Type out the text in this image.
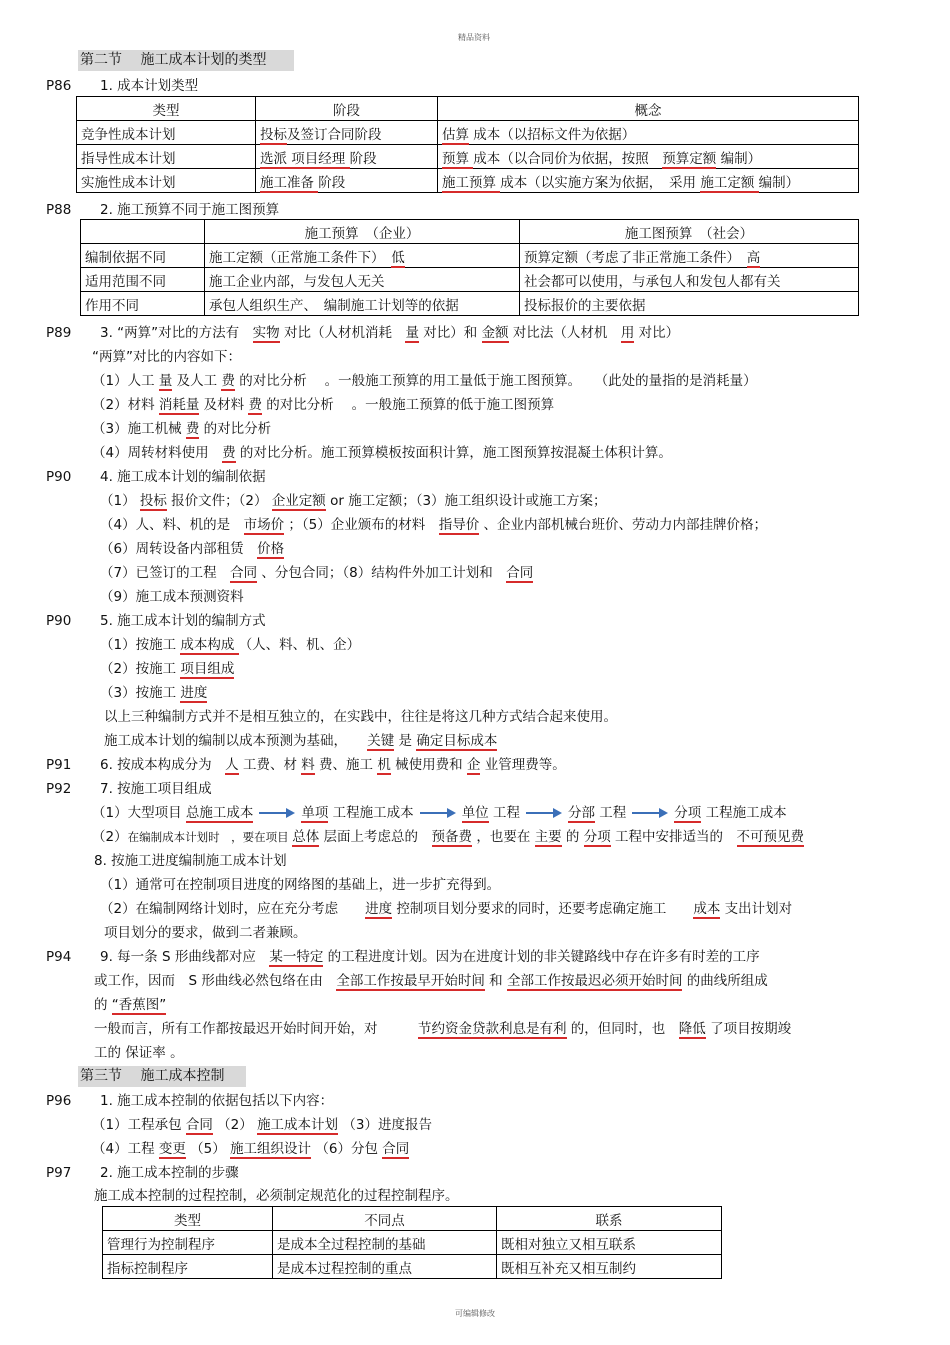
精品资料
可编辑修改
第二节　 施工成本计划的类型
P86 1. 成本计划类型
类型	阶段	概念
竞争性成本计划	投标及签订合同阶段	估算 成本（以招标文件为依据）
指导性成本计划	选派 项目经理 阶段	预算 成本（以合同价为依据，按照　预算定额 编制）
实施性成本计划	施工准备 阶段	施工预算 成本（以实施方案为依据，　采用 施工定额 编制）
P88 2. 施工预算不同于施工图预算
	施工预算　（企业）	施工图预算　（社会）
编制依据不同	施工定额（正常施工条件下）　低	预算定额（考虑了非正常施工条件）　高
适用范围不同	施工企业内部，与发包人无关	社会都可以使用，与承包人和发包人都有关
作用不同	承包人组织生产、　编制施工计划等的依据	投标报价的主要依据
P89 3. “两算”对比的方法有　实物 对比（人材机消耗　量 对比）和 金额 对比法（人材机　用 对比）
“两算”对比的内容如下：
（1）人工 量 及人工 费 的对比分析　 。一般施工预算的用工量低于施工图预算。　　（此处的量指的是消耗量）
（2）材料 消耗量 及材料 费 的对比分析　 。一般施工预算的低于施工图预算
（3）施工机械 费 的对比分析
（4）周转材料使用　费 的对比分析。施工预算模板按面积计算，施工图预算按混凝土体积计算。
P90 4. 施工成本计划的编制依据
（1） 投标 报价文件；（2） 企业定额 or 施工定额；（3）施工组织设计或施工方案；
（4）人、料、机的是　市场价 ；（5）企业颁布的材料　指导价 、企业内部机械台班价、劳动力内部挂牌价格；
（6）周转设备内部租赁　价格
（7）已签订的工程　合同 、分包合同；（8）结构件外加工计划和　合同
（9）施工成本预测资料
P90 5. 施工成本计划的编制方式
（1）按施工 成本构成 （人、料、机、企）
（2）按施工 项目组成
（3）按施工 进度
以上三种编制方式并不是相互独立的，在实践中，往往是将这几种方式结合起来使用。
施工成本计划的编制以成本预测为基础，　　关键 是 确定目标成本
P91 6. 按成本构成分为　人 工费、材 料 费、施工 机 械使用费和 企 业管理费等。
P92 7. 按施工项目组成
（1）大型项目 总施工成本	单项 工程施工成本	单位 工程	分部 工程	分项 工程施工成本
（2）在编制成本计划时　，要在项目 总体 层面上考虑总的　预备费 ，也要在 主要 的 分项 工程中安排适当的　不可预见费
8. 按施工进度编制施工成本计划
（1）通常可在控制项目进度的网络图的基础上，进一步扩充得到。
（2）在编制网络计划时，应在充分考虑　　进度 控制项目划分要求的同时，还要考虑确定施工　　成本 支出计划对
项目划分的要求，做到二者兼顾。
P94 9. 每一条 S 形曲线都对应　某一特定 的工程进度计划。因为在进度计划的非关键路线中存在许多有时差的工序
或工作，因而　S 形曲线必然包络在由　全部工作按最早开始时间 和 全部工作按最迟必须开始时间 的曲线所组成
的 “香蕉图”
一般而言，所有工作都按最迟开始时间开始，对　　　节约资金贷款利息是有利 的，但同时，也　降低 了项目按期竣
工的 保证率 。
第三节　 施工成本控制
P96 1. 施工成本控制的依据包括以下内容：
（1）工程承包 合同 （2） 施工成本计划 （3）进度报告
（4）工程 变更 （5） 施工组织设计 （6）分包 合同
P97 2. 施工成本控制的步骤
施工成本控制的过程控制，必须制定规范化的过程控制程序。
类型	不同点	联系
管理行为控制程序	是成本全过程控制的基础	既相对独立又相互联系
指标控制程序	是成本过程控制的重点	既相互补充又相互制约
